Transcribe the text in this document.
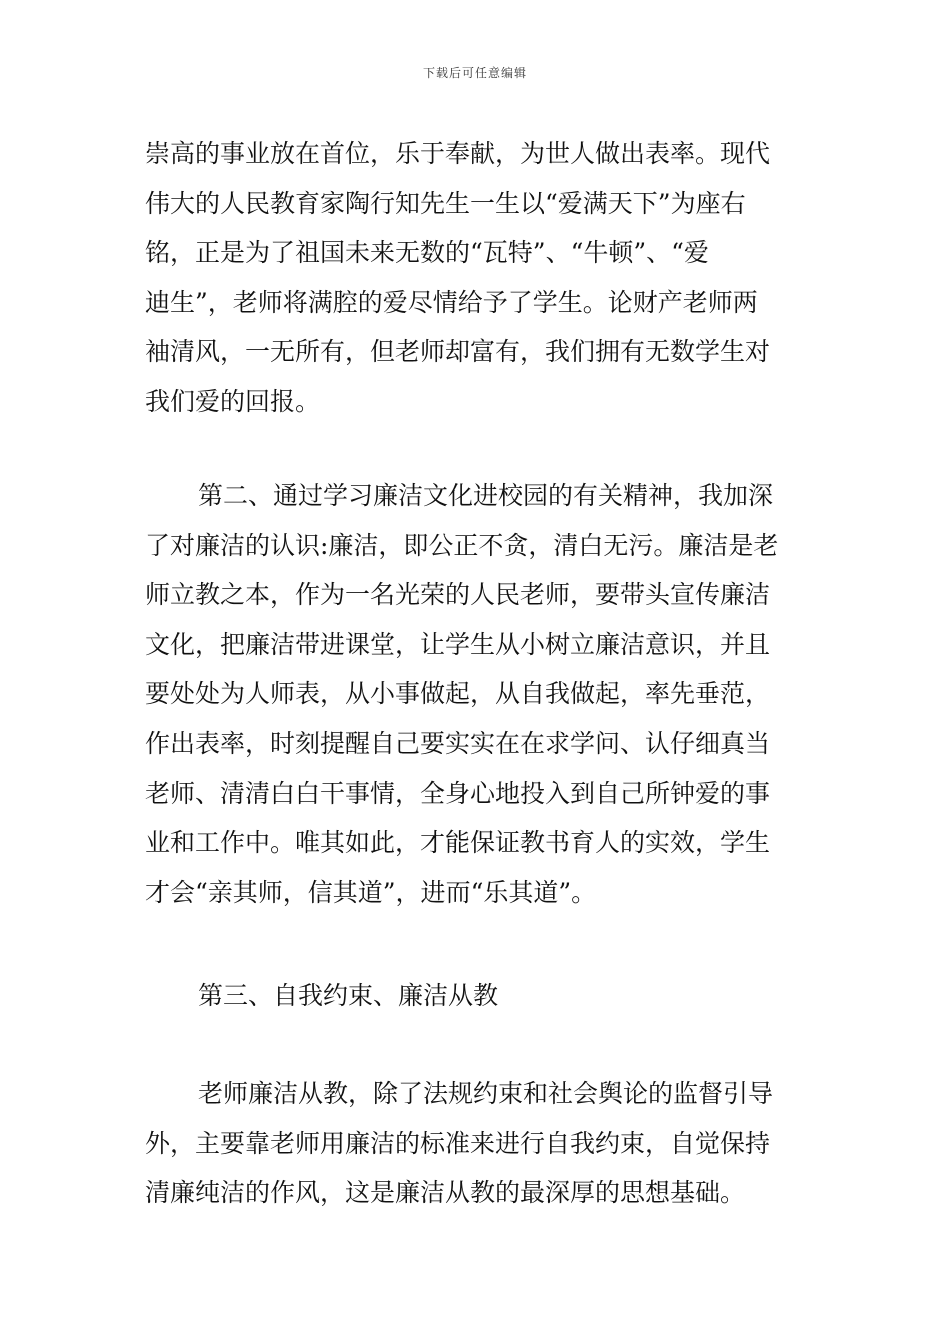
下载后可任意编辑
崇高的事业放在首位，乐于奉献，为世人做出表率。现代
伟大的人民教育家陶行知先生一生以“爱满天下”为座右
铭，正是为了祖国未来无数的“瓦特”、“牛顿”、“爱
迪生”，老师将满腔的爱尽情给予了学生。论财产老师两
袖清风，一无所有，但老师却富有，我们拥有无数学生对
我们爱的回报。
第二、通过学习廉洁文化进校园的有关精神，我加深
了对廉洁的认识:廉洁，即公正不贪，清白无污。廉洁是老
师立教之本，作为一名光荣的人民老师，要带头宣传廉洁
文化，把廉洁带进课堂，让学生从小树立廉洁意识，并且
要处处为人师表，从小事做起，从自我做起，率先垂范，
作出表率，时刻提醒自己要实实在在求学问、认仔细真当
老师、清清白白干事情，全身心地投入到自己所钟爱的事
业和工作中。唯其如此，才能保证教书育人的实效，学生
才会“亲其师，信其道”，进而“乐其道”。
第三、自我约束、廉洁从教
老师廉洁从教，除了法规约束和社会舆论的监督引导
外，主要靠老师用廉洁的标准来进行自我约束，自觉保持
清廉纯洁的作风，这是廉洁从教的最深厚的思想基础。
